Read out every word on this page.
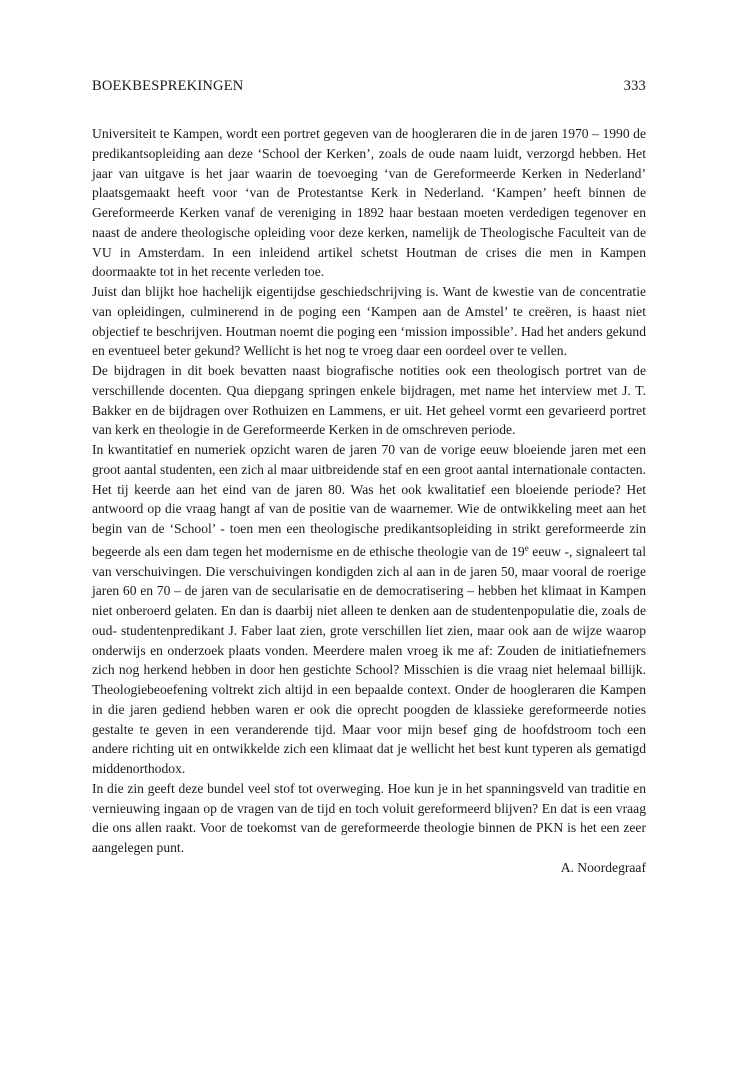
BOEKBESPREKINGEN	333

Universiteit te Kampen, wordt een portret gegeven van de hoogleraren die in de jaren 1970 – 1990 de predikantsopleiding aan deze ‘School der Kerken’, zoals de oude naam luidt, verzorgd hebben. Het jaar van uitgave is het jaar waarin de toevoeging ‘van de Gereformeerde Kerken in Nederland’ plaatsgemaakt heeft voor ‘van de Protestantse Kerk in Nederland. ‘Kampen’ heeft binnen de Gereformeerde Kerken vanaf de vereniging in 1892 haar bestaan moeten verdedigen tegenover en naast de andere theologische opleiding voor deze kerken, namelijk de Theologische Faculteit van de VU in Amsterdam. In een inleidend artikel schetst Houtman de crises die men in Kampen doormaakte tot in het recente verleden toe.

Juist dan blijkt hoe hachelijk eigentijdse geschiedschrijving is. Want de kwestie van de concentratie van opleidingen, culminerend in de poging een ‘Kampen aan de Amstel’ te creëren, is haast niet objectief te beschrijven. Houtman noemt die poging een ‘mission impossible’. Had het anders gekund en eventueel beter gekund? Wellicht is het nog te vroeg daar een oordeel over te vellen.

De bijdragen in dit boek bevatten naast biografische notities ook een theologisch portret van de verschillende docenten. Qua diepgang springen enkele bijdragen, met name het interview met J. T. Bakker en de bijdragen over Rothuizen en Lammens, er uit. Het geheel vormt een gevarieerd portret van kerk en theologie in de Gereformeerde Kerken in de omschreven periode.

In kwantitatief en numeriek opzicht waren de jaren 70 van de vorige eeuw bloeiende jaren met een groot aantal studenten, een zich al maar uitbreidende staf en een groot aantal internationale contacten. Het tij keerde aan het eind van de jaren 80. Was het ook kwalitatief een bloeiende periode? Het antwoord op die vraag hangt af van de positie van de waarnemer. Wie de ontwikkeling meet aan het begin van de ‘School’ - toen men een theologische predikantsopleiding in strikt gereformeerde zin begeerde als een dam tegen het modernisme en de ethische theologie van de 19e eeuw -, signaleert tal van verschuivingen. Die verschuivingen kondigden zich al aan in de jaren 50, maar vooral de roerige jaren 60 en 70 – de jaren van de secularisatie en de democratisering – hebben het klimaat in Kampen niet onberoerd gelaten. En dan is daarbij niet alleen te denken aan de studentenpopulatie die, zoals de oud- studentenpredikant J. Faber laat zien, grote verschillen liet zien, maar ook aan de wijze waarop onderwijs en onderzoek plaats vonden. Meerdere malen vroeg ik me af: Zouden de initiatiefnemers zich nog herkend hebben in door hen gestichte School? Misschien is die vraag niet helemaal billijk. Theologiebeoefening voltrekt zich altijd in een bepaalde context. Onder de hoogleraren die Kampen in die jaren gediend hebben waren er ook die oprecht poogden de klassieke gereformeerde noties gestalte te geven in een veranderende tijd. Maar voor mijn besef ging de hoofdstroom toch een andere richting uit en ontwikkelde zich een klimaat dat je wellicht het best kunt typeren als gematigd middenorthodox.

In die zin geeft deze bundel veel stof tot overweging. Hoe kun je in het spanningsveld van traditie en vernieuwing ingaan op de vragen van de tijd en toch voluit gereformeerd blijven? En dat is een vraag die ons allen raakt. Voor de toekomst van de gereformeerde theologie binnen de PKN is het een zeer aangelegen punt.

A. Noordegraaf
